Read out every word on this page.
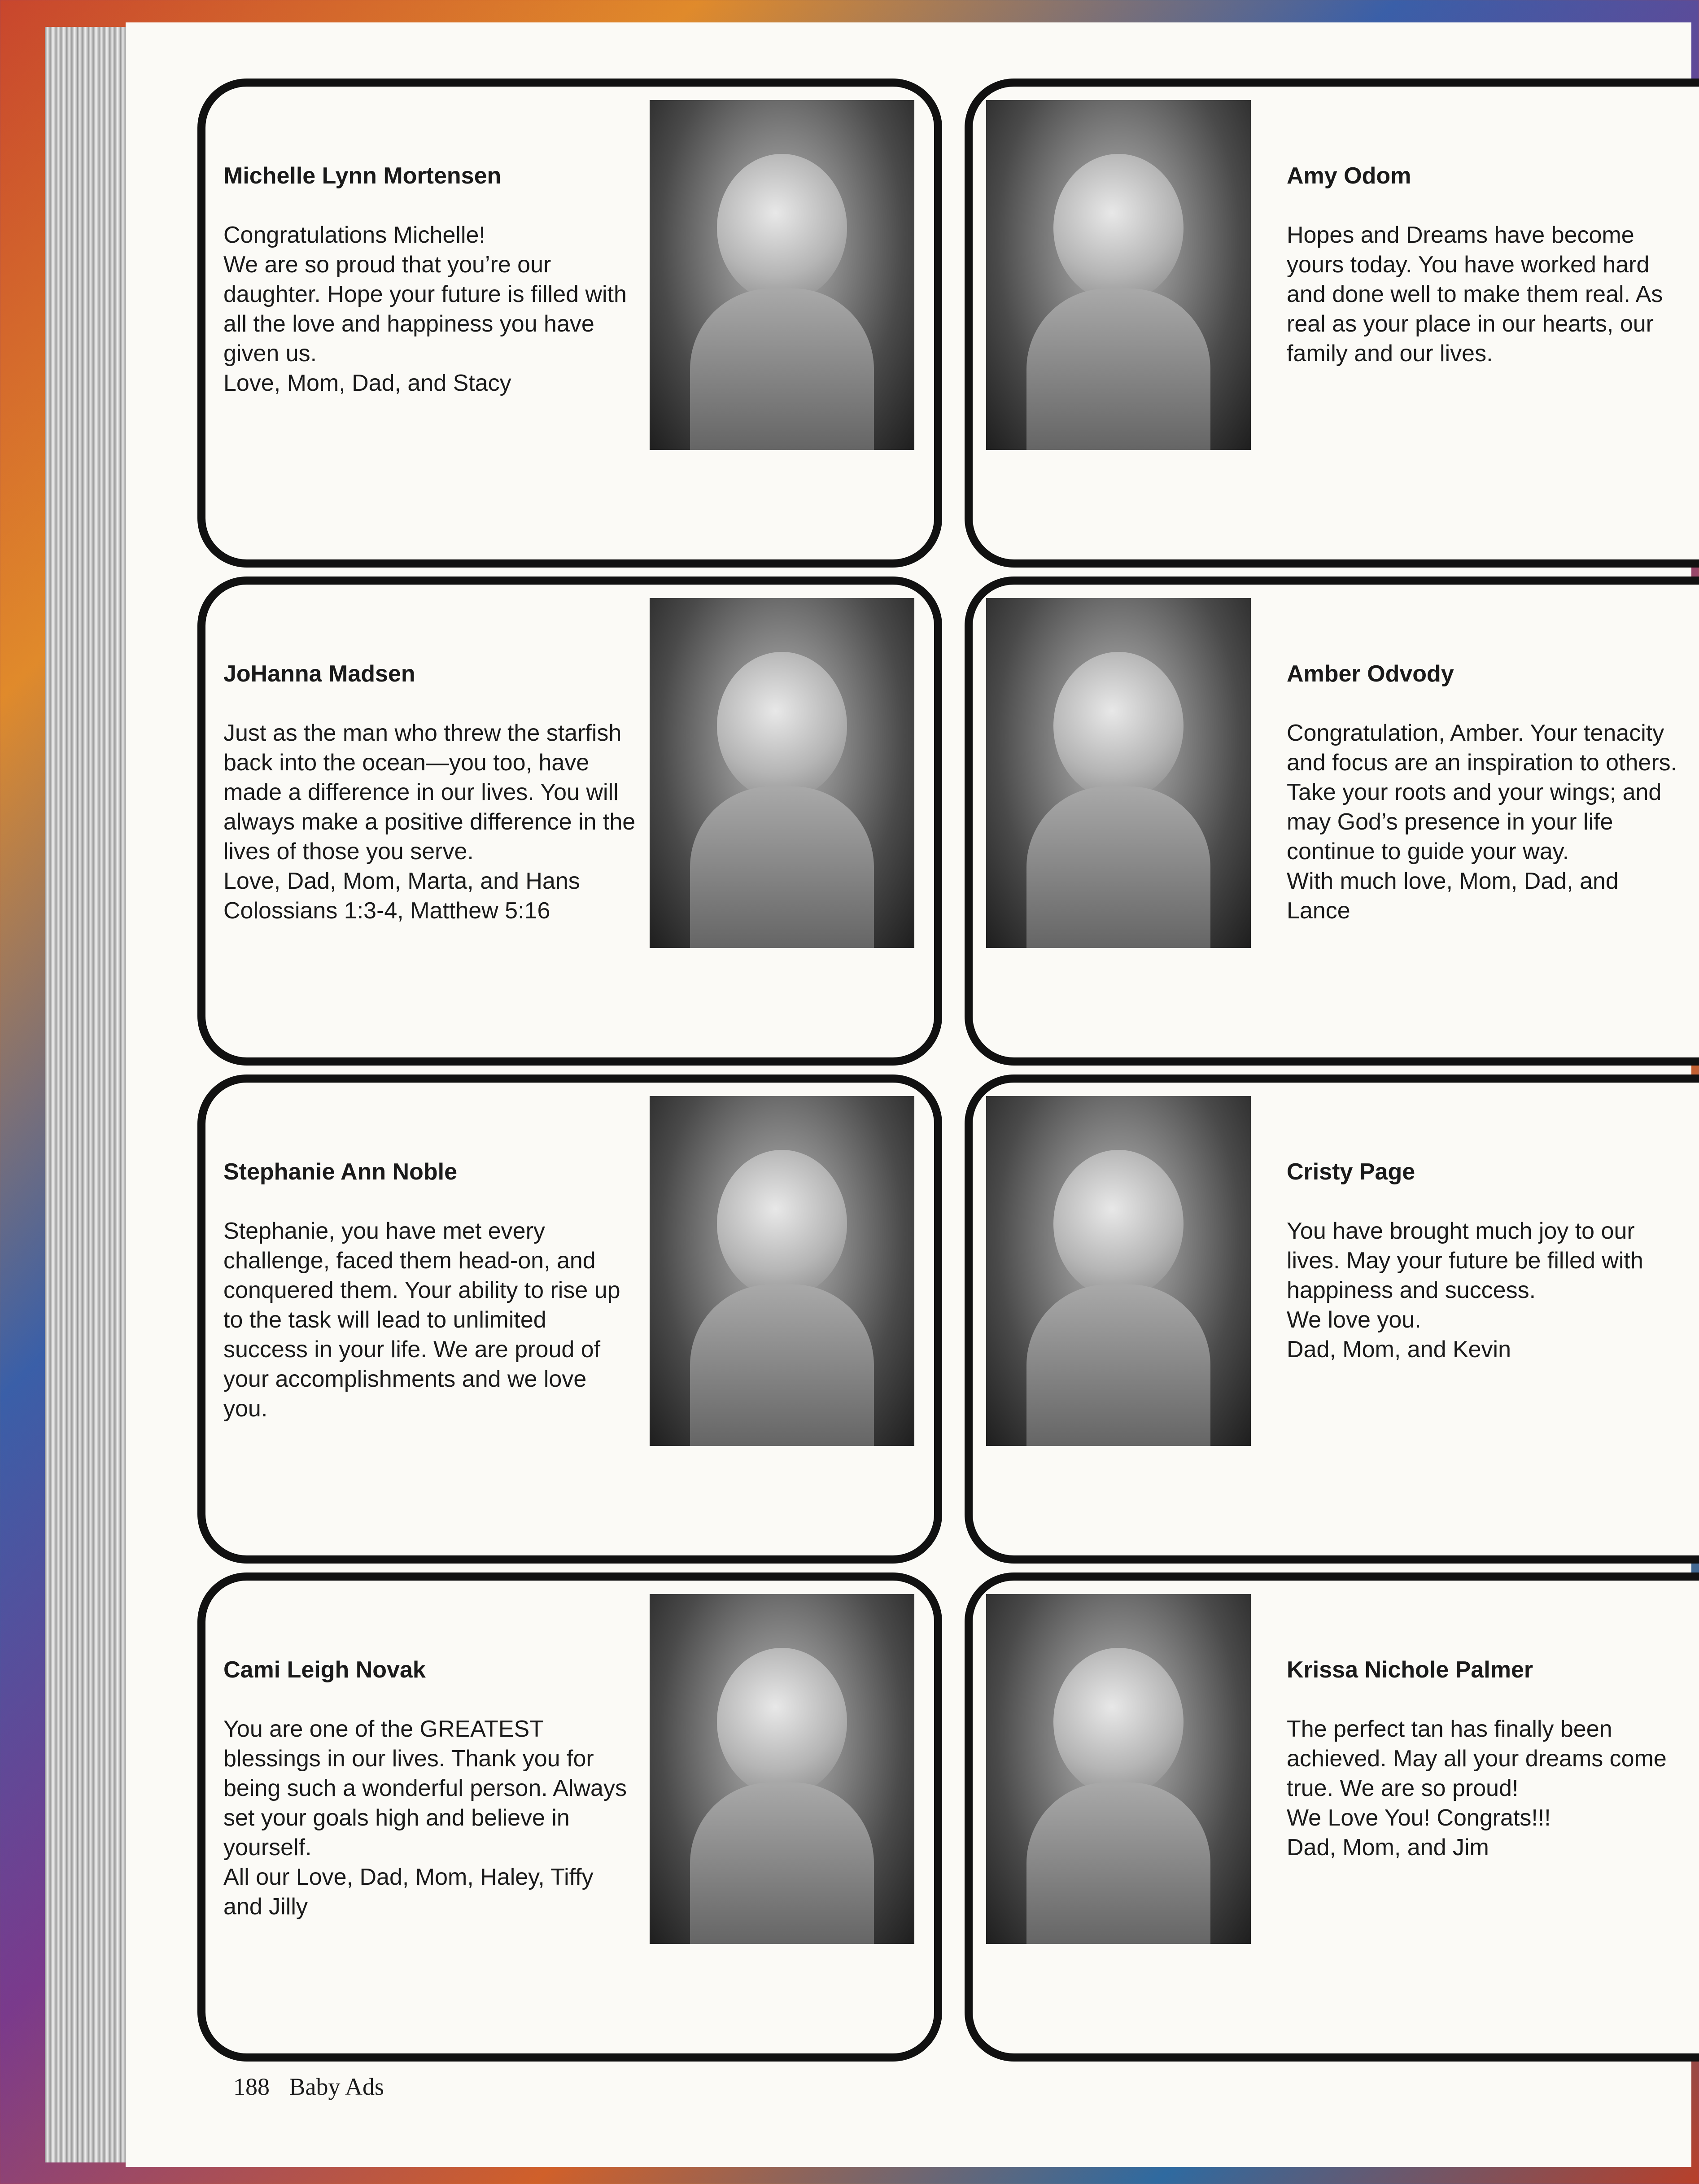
Michelle Lynn Mortensen

Congratulations Michelle!
We are so proud that you’re our daughter. Hope your future is filled with all the love and happiness you have given us.
Love, Mom, Dad, and Stacy

Amy Odom

Hopes and Dreams have become yours today. You have worked hard and done well to make them real. As real as your place in our hearts, our family and our lives.

JoHanna Madsen

Just as the man who threw the starfish back into the ocean—you too, have made a difference in our lives. You will always make a positive difference in the lives of those you serve.
Love, Dad, Mom, Marta, and Hans
Colossians 1:3-4, Matthew 5:16

Amber Odvody

Congratulation, Amber. Your tenacity and focus are an inspiration to others. Take your roots and your wings; and may God’s presence in your life continue to guide your way.
With much love, Mom, Dad, and Lance

Stephanie Ann Noble

Stephanie, you have met every challenge, faced them head-on, and conquered them. Your ability to rise up to the task will lead to unlimited success in your life. We are proud of your accomplishments and we love you.

Cristy Page

You have brought much joy to our lives. May your future be filled with happiness and success.
We love you.
Dad, Mom, and Kevin

Cami Leigh Novak

You are one of the GREATEST blessings in our lives. Thank you for being such a wonderful person. Always set your goals high and believe in yourself.
All our Love, Dad, Mom, Haley, Tiffy and Jilly

Krissa Nichole Palmer

The perfect tan has finally been achieved. May all your dreams come true. We are so proud!
We Love You! Congrats!!!
Dad, Mom, and Jim

188 Baby Ads
